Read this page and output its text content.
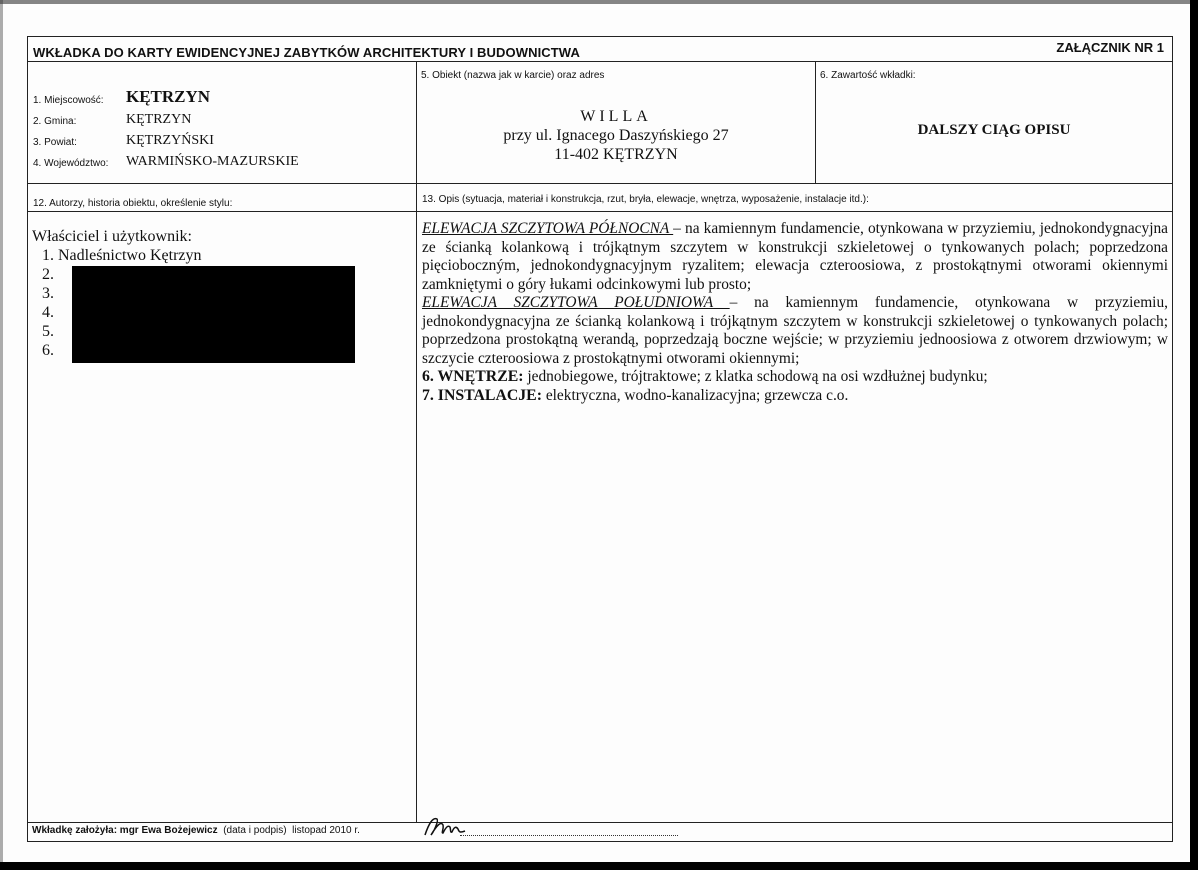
WKŁADKA DO KARTY EWIDENCYJNEJ ZABYTKÓW ARCHITEKTURY I BUDOWNICTWA	ZAŁĄCZNIK NR 1
1. Miejscowość: KĘTRZYN
2. Gmina:	KĘTRZYN
3. Powiat:	KĘTRZYŃSKI
4. Województwo: WARMIŃSKO-MAZURSKIE
5. Obiekt (nazwa jak w karcie) oraz adres
WILLA
przy ul. Ignacego Daszyńskiego 27
11-402 KĘTRZYN
6. Zawartość wkładki:
DALSZY CIĄG OPISU
12. Autorzy, historia obiektu, określenie stylu:	13. Opis (sytuacja, materiał i konstrukcja, rzut, bryła, elewacje, wnętrza, wyposażenie, instalacje itd.):
Właściciel i użytkownik:
1. Nadleśnictwo Kętrzyn
2.
3.
4.
5.
6.

ELEWACJA SZCZYTOWA PÓŁNOCNA – na kamiennym fundamencie, otynkowana w przyziemiu, jednokondygnacyjna ze ścianką kolankową i trójkątnym szczytem w konstrukcji szkieletowej o tynkowanych polach; poprzedzona pięcioboczným, jednokondygnacyjnym ryzalitem; elewacja czteroosiowa, z prostokątnymi otworami okiennymi zamkniętymi o góry łukami odcinkowymi lub prosto;

ELEWACJA SZCZYTOWA POŁUDNIOWA – na kamiennym fundamencie, otynkowana w przyziemiu, jednokondygnacyjna ze ścianką kolankową i trójkątnym szczytem w konstrukcji szkieletowej o tynkowanych polach; poprzedzona prostokątną werandą, poprzedzają boczne wejście; w przyziemiu jednoosiowa z otworem drzwiowym; w szczycie czteroosiowa z prostokątnymi otworami okiennymi;

6. WNĘTRZE: jednobiegowe, trójtraktowe; z klatka schodową na osi wzdłużnej budynku;

7. INSTALACJE: elektryczna, wodno-kanalizacyjna; grzewcza c.o.

Wkładkę założyła: mgr Ewa Bożejewicz (data i podpis) listopad 2010 r.
